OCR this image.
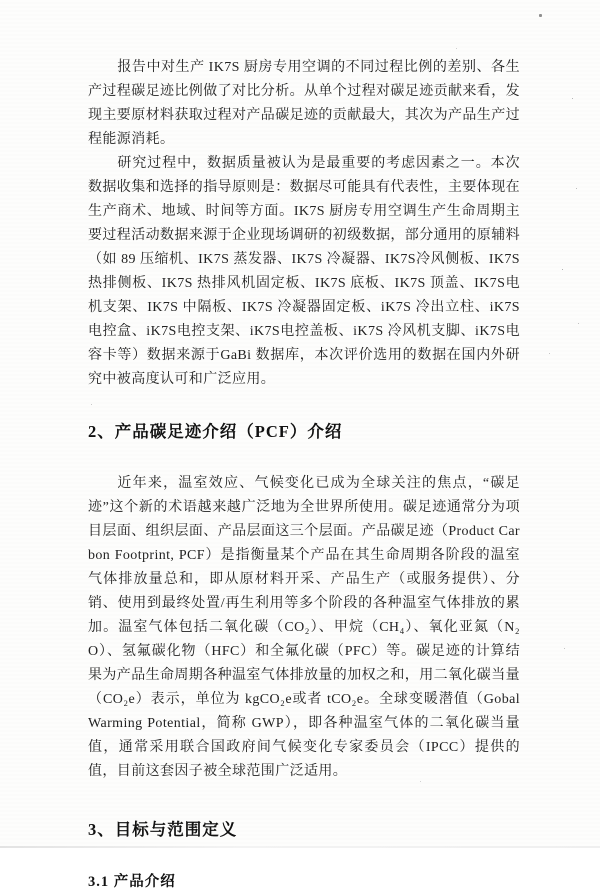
报告中对生产 IK7S 厨房专用空调的不同过程比例的差别、各生产过程碳足迹比例做了对比分析。从单个过程对碳足迹贡献来看，发现主要原材料获取过程对产品碳足迹的贡献最大，其次为产品生产过程能源消耗。

研究过程中，数据质量被认为是最重要的考虑因素之一。本次数据收集和选择的指导原则是：数据尽可能具有代表性，主要体现在生产商术、地域、时间等方面。IK7S 厨房专用空调生产生命周期主要过程活动数据来源于企业现场调研的初级数据，部分通用的原辅料（如 89 压缩机、IK7S 蒸发器、IK7S 冷凝器、IK7S冷风侧板、IK7S 热排侧板、IK7S 热排风机固定板、IK7S 底板、IK7S 顶盖、IK7S电机支架、IK7S 中隔板、IK7S 冷凝器固定板、iK7S 冷出立柱、iK7S电控盒、iK7S电控支架、iK7S电控盖板、iK7S 冷风机支脚、iK7S电容卡等）数据来源于GaBi 数据库，本次评价选用的数据在国内外研究中被高度认可和广泛应用。

2、产品碳足迹介绍（PCF）介绍

近年来，温室效应、气候变化已成为全球关注的焦点，“碳足迹”这个新的术语越来越广泛地为全世界所使用。碳足迹通常分为项目层面、组织层面、产品层面这三个层面。产品碳足迹（Product Carbon Footprint, PCF）是指衡量某个产品在其生命周期各阶段的温室气体排放量总和，即从原材料开采、产品生产（或服务提供）、分销、使用到最终处置/再生利用等多个阶段的各种温室气体排放的累加。温室气体包括二氧化碳（CO₂）、甲烷（CH₄）、氧化亚氮（N₂O）、氢氟碳化物（HFC）和全氟化碳（PFC）等。碳足迹的计算结果为产品生命周期各种温室气体排放量的加权之和，用二氧化碳当量（CO₂e）表示，单位为 kgCO₂e或者 tCO₂e。全球变暖潜值（Gobal Warming Potential，简称 GWP），即各种温室气体的二氧化碳当量值，通常采用联合国政府间气候变化专家委员会（IPCC）提供的值，目前这套因子被全球范围广泛适用。

3、目标与范围定义
3.1 产品介绍
